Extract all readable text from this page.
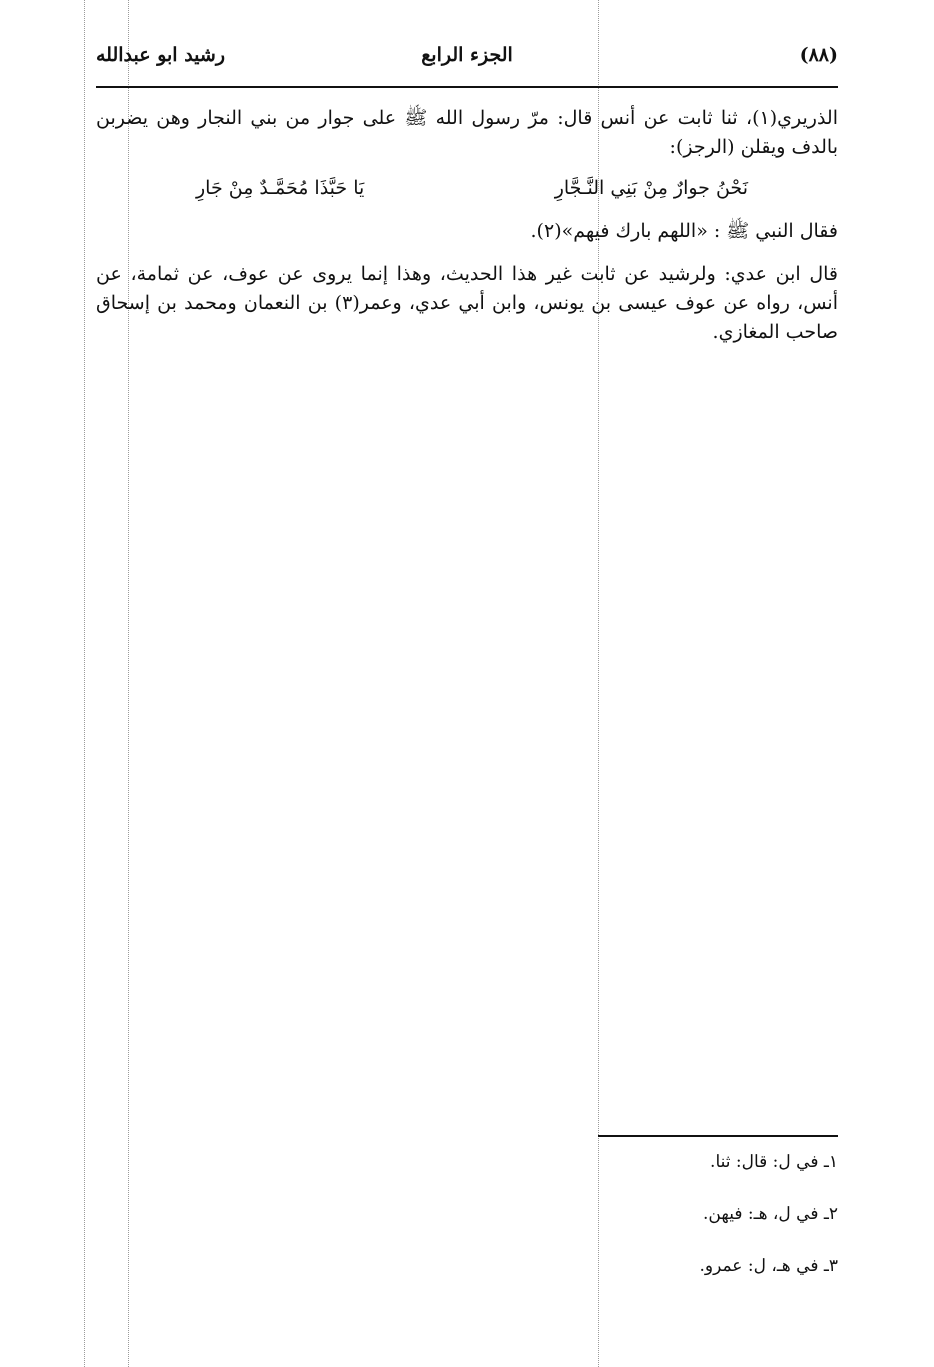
(٨٨)
الجزء الرابع
رشيد ابو عبدالله

الذريري(١)، ثنا ثابت عن أنس قال: مرّ رسول الله ﷺ على جوار من بني النجار وهن يضربن بالدف ويقلن (الرجز):

نَحْنُ جوارٌ مِنْ بَنِي النَّـجَّارِ
يَا حَبَّذَا مُحَمَّـدٌ مِنْ جَارِ

فقال النبي ﷺ : «اللهم بارك فيهم»(٢).

قال ابن عدي: ولرشيد عن ثابت غير هذا الحديث، وهذا إنما يروى عن عوف، عن ثمامة، عن أنس، رواه عن عوف عيسى بن يونس، وابن أبي عدي، وعمر(٣) بن النعمان ومحمد بن إسحاق صاحب المغازي.

١ـ في ل: قال: ثنا.
٢ـ في ل، هـ: فيهن.
٣ـ في هـ، ل: عمرو.
